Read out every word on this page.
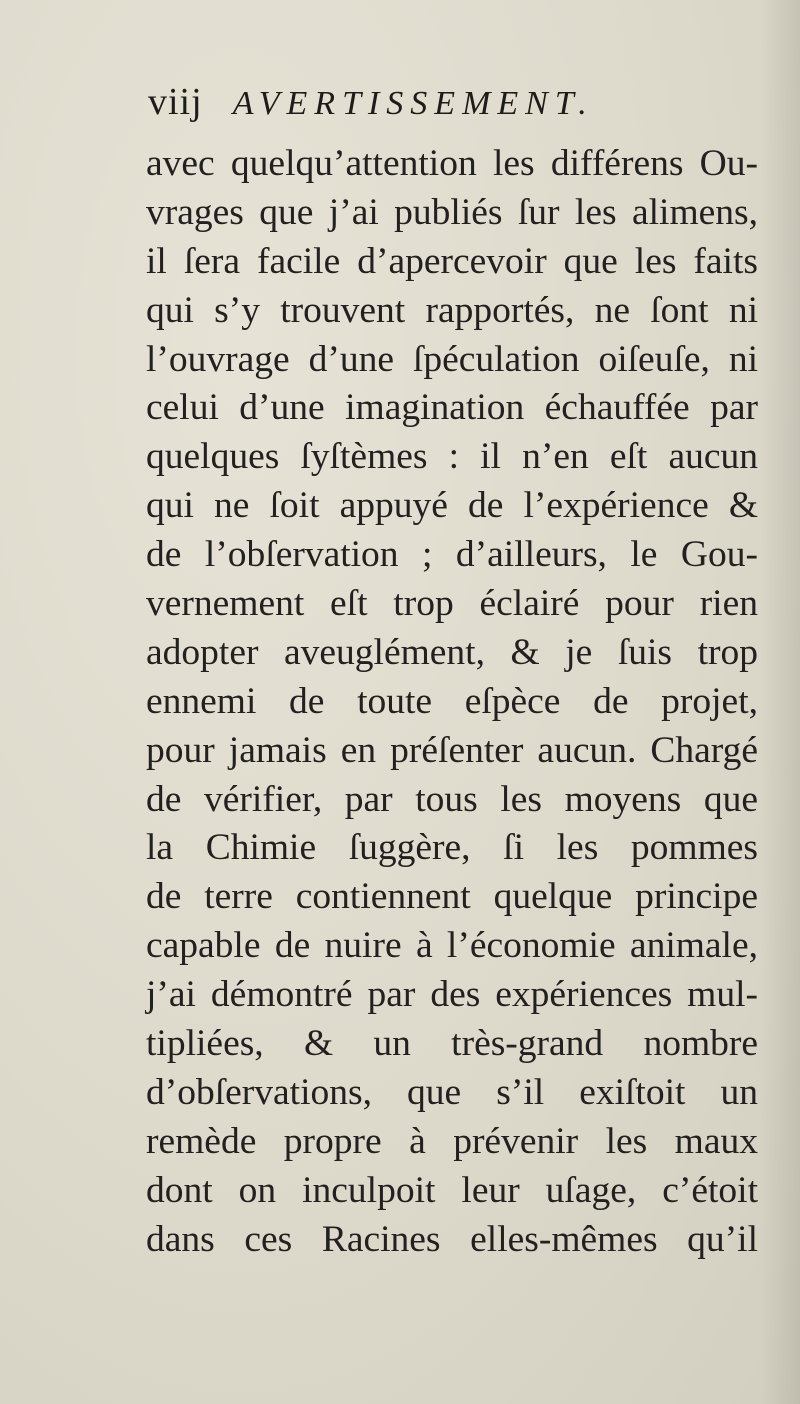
viij AVERTISSEMENT.
avec quelqu’attention les différens Ou-
vrages que j’ai publiés ſur les alimens,
il ſera facile d’apercevoir que les faits
qui s’y trouvent rapportés, ne ſont ni
l’ouvrage d’une ſpéculation oiſeuſe, ni
celui d’une imagination échauffée par
quelques ſyſtèmes : il n’en eſt aucun
qui ne ſoit appuyé de l’expérience &
de l’obſervation ; d’ailleurs, le Gou-
vernement eſt trop éclairé pour rien
adopter aveuglément, & je ſuis trop
ennemi de toute eſpèce de projet,
pour jamais en préſenter aucun. Chargé
de vérifier, par tous les moyens que
la Chimie ſuggère, ſi les pommes
de terre contiennent quelque principe
capable de nuire à l’économie animale,
j’ai démontré par des expériences mul-
tipliées, & un très-grand nombre
d’obſervations, que s’il exiſtoit un
remède propre à prévenir les maux
dont on inculpoit leur uſage, c’étoit
dans ces Racines elles-mêmes qu’il
